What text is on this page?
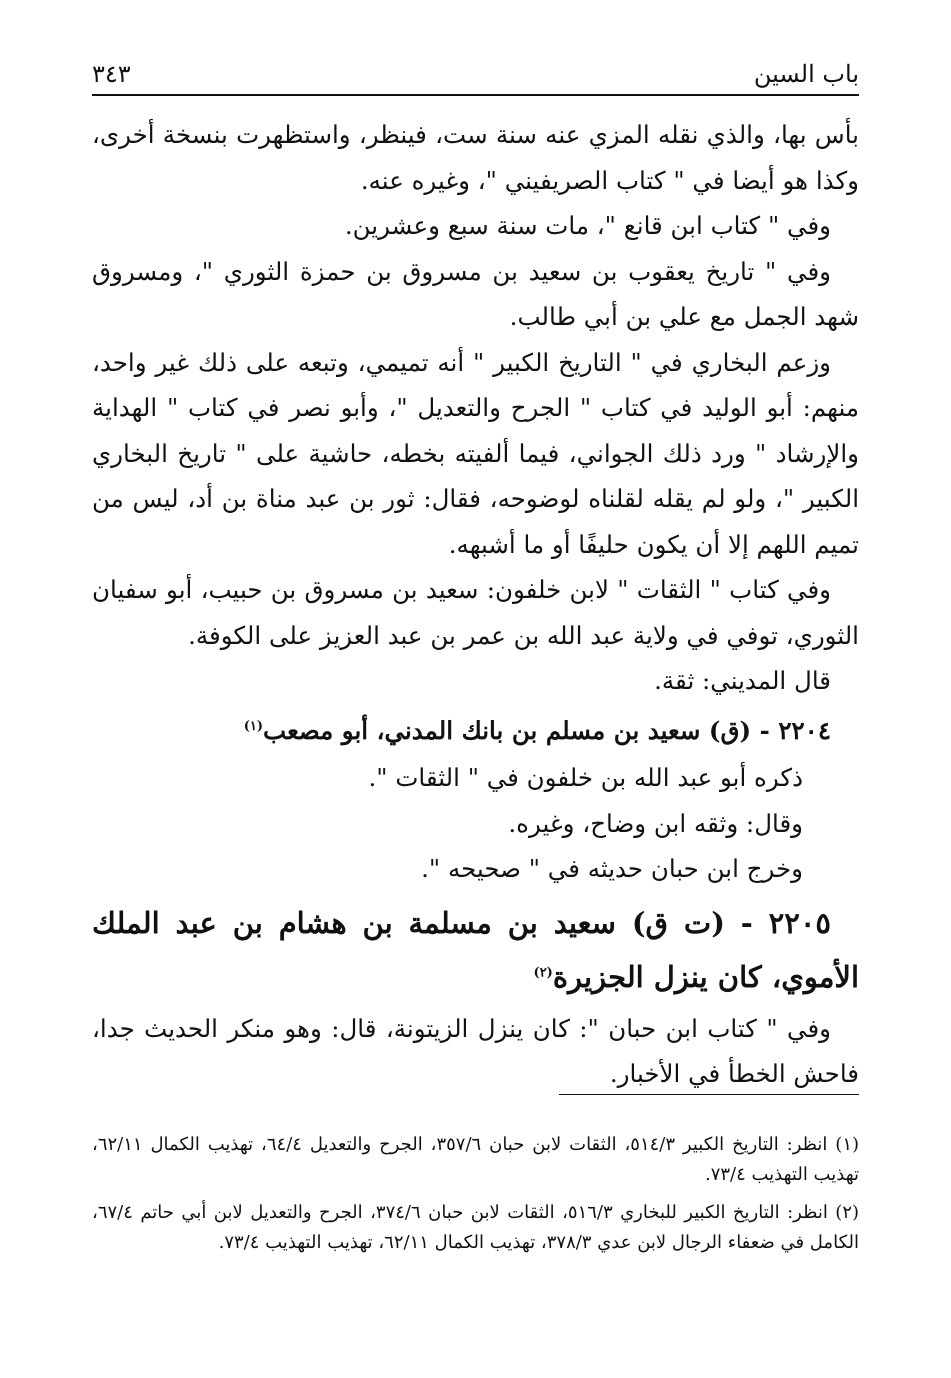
باب السين
٣٤٣

بأس بها، والذي نقله المزي عنه سنة ست، فينظر، واستظهرت بنسخة أخرى، وكذا هو أيضا في " كتاب الصريفيني "، وغيره عنه.

وفي " كتاب ابن قانع "، مات سنة سبع وعشرين.

وفي " تاريخ يعقوب بن سعيد بن مسروق بن حمزة الثوري "، ومسروق شهد الجمل مع علي بن أبي طالب.

وزعم البخاري في " التاريخ الكبير " أنه تميمي، وتبعه على ذلك غير واحد، منهم: أبو الوليد في كتاب " الجرح والتعديل "، وأبو نصر في كتاب " الهداية والإرشاد " ورد ذلك الجواني، فيما ألفيته بخطه، حاشية على " تاريخ البخاري الكبير "، ولو لم يقله لقلناه لوضوحه، فقال: ثور بن عبد مناة بن أد، ليس من تميم اللهم إلا أن يكون حليفًا أو ما أشبهه.

وفي كتاب " الثقات " لابن خلفون: سعيد بن مسروق بن حبيب، أبو سفيان الثوري، توفي في ولاية عبد الله بن عمر بن عبد العزيز على الكوفة.

قال المديني: ثقة.

٢٢٠٤ - (ق) سعيد بن مسلم بن بانك المدني، أبو مصعب$^{(١)}$

ذكره أبو عبد الله بن خلفون في " الثقات ".

وقال: وثقه ابن وضاح، وغيره.

وخرج ابن حبان حديثه في " صحيحه ".

٢٢٠٥ - (ت ق) سعيد بن مسلمة بن هشام بن عبد الملك الأموي، كان ينزل الجزيرة$^{(٢)}$

وفي " كتاب ابن حبان ": كان ينزل الزيتونة، قال: وهو منكر الحديث جدا، فاحش الخطأ في الأخبار.

(١) انظر: التاريخ الكبير ٥١٤/٣، الثقات لابن حبان ٣٥٧/٦، الجرح والتعديل ٦٤/٤، تهذيب الكمال ٦٢/١١، تهذيب التهذيب ٧٣/٤.

(٢) انظر: التاريخ الكبير للبخاري ٥١٦/٣، الثقات لابن حبان ٣٧٤/٦، الجرح والتعديل لابن أبي حاتم ٦٧/٤، الكامل في ضعفاء الرجال لابن عدي ٣٧٨/٣، تهذيب الكمال ٦٢/١١، تهذيب التهذيب ٧٣/٤.
